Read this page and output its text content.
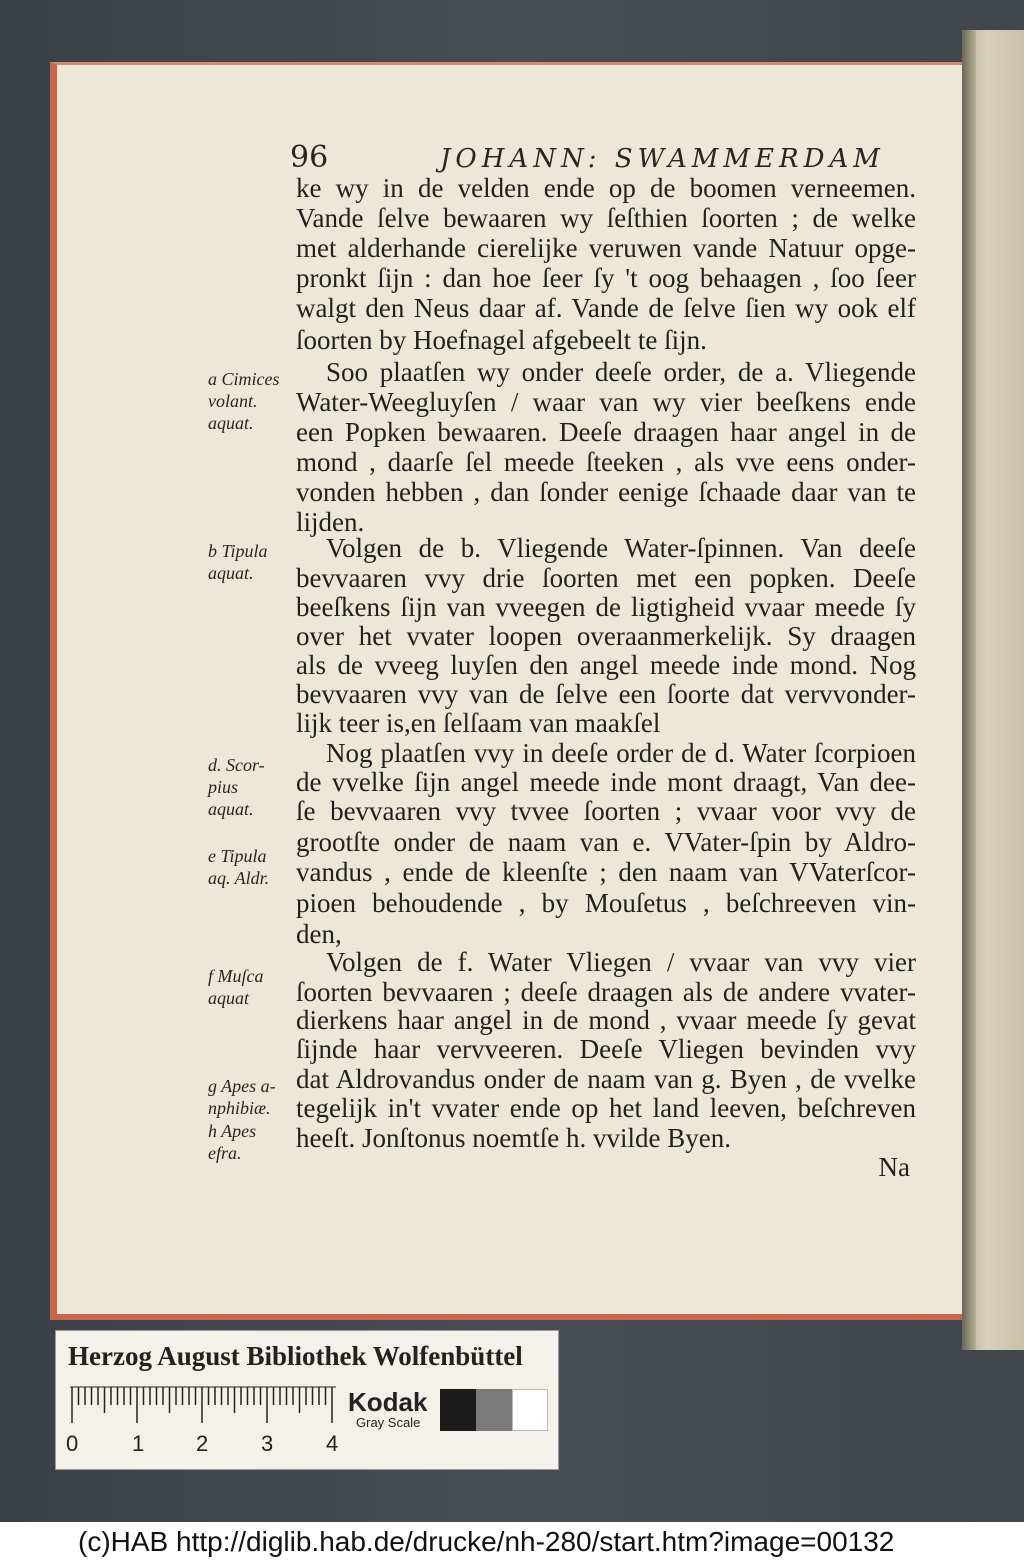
96	JOHANN: SWAMMERDAM
ke wy in de velden ende op de boomen verneemen.
Vande ſelve bewaaren wy ſeſthien ſoorten ; de welke
met alderhande cierelijke veruwen vande Natuur opge-
pronkt ſijn : dan hoe ſeer ſy 't oog behaagen , ſoo ſeer
walgt den Neus daar af. Vande de ſelve ſien wy ook elf
ſoorten by Hoefnagel afgebeelt te ſijn.
Soo plaatſen wy onder deeſe order, de a. Vliegende
Water-Weegluyſen / waar van wy vier beeſkens ende
een Popken bewaaren. Deeſe draagen haar angel in de
mond , daarſe ſel meede ſteeken , als vve eens onder-
vonden hebben , dan ſonder eenige ſchaade daar van te
lijden.
Volgen de b. Vliegende Water-ſpinnen. Van deeſe
bevvaaren vvy drie ſoorten met een popken. Deeſe
beeſkens ſijn van vveegen de ligtigheid vvaar meede ſy
over het vvater loopen overaanmerkelijk. Sy draagen
als de vveeg luyſen den angel meede inde mond. Nog
bevvaaren vvy van de ſelve een ſoorte dat vervvonder-
lijk teer is,en ſelſaam van maakſel
Nog plaatſen vvy in deeſe order de d. Water ſcorpioen
de vvelke ſijn angel meede inde mont draagt, Van dee-
ſe bevvaaren vvy tvvee ſoorten ; vvaar voor vvy de
grootſte onder de naam van e. VVater-ſpin by Aldro-
vandus , ende de kleenſte ; den naam van VVaterſcor-
pioen behoudende , by Mouſetus , beſchreeven vin-
den,
Volgen de f. Water Vliegen / vvaar van vvy vier
ſoorten bevvaaren ; deeſe draagen als de andere vvater-
dierkens haar angel in de mond , vvaar meede ſy gevat
ſijnde haar vervveeren. Deeſe Vliegen bevinden vvy
dat Aldrovandus onder de naam van g. Byen , de vvelke
tegelijk in't vvater ende op het land leeven, beſchreven
heeſt. Jonſtonus noemtſe h. vvilde Byen.
Na
a Cimices
volant.
aquat.
b Tipula
aquat.
d. Scor-
pius
aquat.
e Tipula
aq. Aldr.
f Muſca
aquat
g Apes a-
nphibiæ.
h Apes
efra.
Herzog August Bibliothek Wolfenbüttel
0 1 2 3 4
Kodak
Gray Scale
(c)HAB http://diglib.hab.de/drucke/nh-280/start.htm?image=00132
